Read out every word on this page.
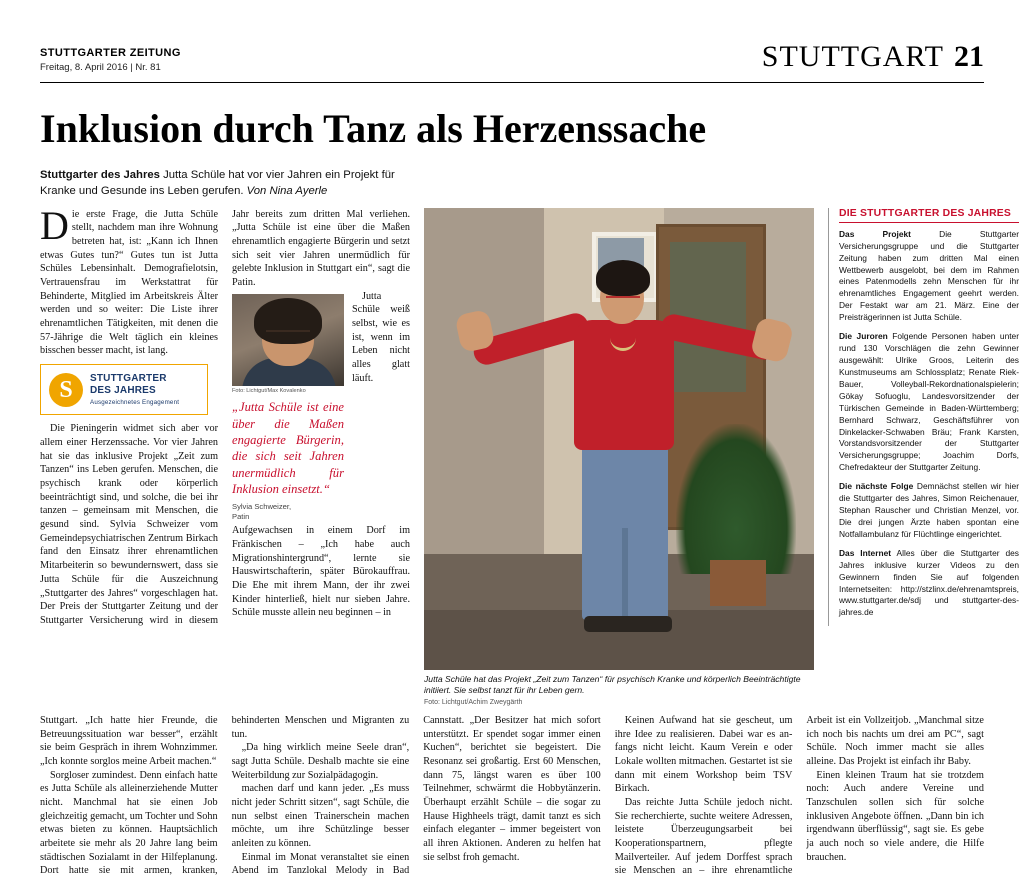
STUTTGARTER ZEITUNG
Freitag, 8. April 2016 | Nr. 81	STUTTGART 21
Inklusion durch Tanz als Herzenssache
Stuttgarter des Jahres Jutta Schüle hat vor vier Jahren ein Projekt für Kranke und Gesunde ins Leben gerufen. Von Nina Ayerle

Die erste Frage, die Jutta Schüle stellt, nachdem man ihre Wohnung betreten hat, ist: „Kann ich Ihnen etwas Gutes tun?“ Gutes tun ist Jutta Schüles Lebensinhalt. Demografielotsin, Vertrauensfrau im Werkstattrat für Behinderte, Mitglied im Arbeitskreis Älter werden und so weiter: Die Liste ihrer ehrenamtlichen Tätigkeiten, mit denen die 57-Jährige die Welt täglich ein kleines bisschen besser macht, ist lang.

S	STUTTGARTER
DES JAHRES
Ausgezeichnetes Engagement

Die Pieningerin widmet sich aber vor allem einer Herzenssache. Vor vier Jahren hat sie das inklusive Projekt „Zeit zum Tanzen“ ins Leben gerufen. Menschen, die psychisch krank oder körperlich beeinträchtigt sind, und solche, die bei ihr tanzen – gemeinsam mit Menschen, die gesund sind. Sylvia Schweizer vom Gemeindepsychiatrischen Zentrum Birkach fand den Einsatz ihrer ehrenamtlichen Mitarbeiterin so bewundernswert, dass sie Jutta Schüle für die Auszeichnung „Stuttgarter des Jahres“ vorgeschlagen hat. Der Preis der Stuttgarter Zeitung und der Stuttgarter Versicherung wird in diesem Jahr bereits zum dritten Mal verliehen. „Jutta Schüle ist eine über die Maßen ehrenamtlich engagierte Bürgerin und setzt sich seit vier Jahren unermüdlich für gelebte Inklusion in Stuttgart ein“, sagt die Patin.

Foto: Lichtgut/Max Kovalenko
„Jutta Schüle ist eine über die Maßen engagierte Bürgerin, die sich seit Jahren unermüdlich für Inklusion einsetzt.“
Sylvia Schweizer,
Patin

Jutta Schüle weiß selbst, wie es ist, wenn im Leben nicht alles glatt läuft. Aufgewachsen in einem Dorf im Fränkischen – „Ich habe auch Migrationshintergrund“, lernte sie Hauswirtschafterin, später Bürokauffrau. Die Ehe mit ihrem Mann, der ihr zwei Kinder hinterließ, hielt nur sieben Jahre. Schüle musste allein neu beginnen – in

Jutta Schüle hat das Projekt „Zeit zum Tanzen“ für psychisch Kranke und körperlich Beeinträchtigte initiiert. Sie selbst tanzt für ihr Leben gern.
Foto: Lichtgut/Achim Zweygärth
DIE STUTTGARTER DES JAHRES

Das Projekt	Die Stuttgarter Versicherungsgruppe und die Stuttgarter Zeitung haben zum dritten Mal einen Wettbewerb ausgelobt, bei dem im Rahmen eines Patenmodells zehn Menschen für ihr ehrenamtliches Engagement geehrt werden. Der Festakt war am 21. März. Eine der Preisträgerinnen ist Jutta Schüle.

Die Juroren Folgende Personen haben unter rund 130 Vorschlägen die zehn Gewinner ausgewählt: Ulrike Groos, Leiterin des Kunstmuseums am Schlossplatz; Renate Riek-Bauer, Volleyball-Rekordnationalspielerin; Gökay Sofuoglu, Landesvorsitzender der Türkischen Gemeinde in Baden-Württemberg; Bernhard Schwarz, Geschäftsführer von Dinkelacker-Schwaben Bräu; Frank Karsten, Vorstandsvorsitzender der Stuttgarter Versicherungsgruppe; Joachim Dorfs, Chefredakteur der Stuttgarter Zeitung.

Die nächste Folge Demnächst stellen wir hier die Stuttgarter des Jahres, Simon Reichenauer, Stephan Rauscher und Christian Menzel, vor. Die drei jungen Ärzte haben spontan eine Notfallambulanz für Flüchtlinge eingerichtet.

Das Internet Alles über die Stuttgarter des Jahres inklusive kurzer Videos zu den Gewinnern finden Sie auf folgenden Internetseiten: http://stzlinx.de/ehrenamtspreis, www.stuttgarter.de/sdj und stuttgarter-des-jahres.de

Stuttgart. „Ich hatte hier Freunde, die Betreuungssituation war besser“, erzählt sie beim Gespräch in ihrem Wohnzimmer. „Ich konnte sorglos meine Arbeit machen.“

Sorgloser zumindest. Denn einfach hatte es Jutta Schüle als alleinerziehende Mutter nicht. Manchmal hat sie einen Job gleichzeitig gemacht, um Tochter und Sohn etwas bieten zu können. Hauptsächlich arbeitete sie mehr als 20 Jahre lang beim städtischen Sozialamt in der Hilfeplanung. Dort hatte sie mit armen, kranken, behinderten Menschen und Migranten zu tun.

„Da hing wirklich meine Seele dran“, sagt Jutta Schüle. Deshalb machte sie eine Weiterbildung zur Sozialpädagogin.

machen darf und kann jeder. „Es muss nicht jeder Schritt sitzen“, sagt Schüle, die nun selbst einen Trainerschein machen möchte, um ihre Schützlinge besser anleiten zu können.

Einmal im Monat veranstaltet sie einen Abend im Tanzlokal Melody in Bad Cannstatt. „Der Besitzer hat mich sofort unterstützt. Er spendet sogar immer einen Kuchen“, berichtet sie begeistert. Die Resonanz sei großartig. Erst 60 Menschen, dann 75, längst waren es über 100 Teilnehmer, schwärmt die Hobbytänzerin. Überhaupt erzählt Schüle – die sogar zu Hause Highheels trägt, damit tanzt es sich einfach eleganter – immer begeistert von all ihren Aktionen. Anderen zu helfen hat sie selbst froh gemacht.

Keinen Aufwand hat sie gescheut, um ihre Idee zu realisieren. Dabei war es an- fangs nicht leicht. Kaum Verein e oder Lokale wollten mitmachen. Gestartet ist sie dann mit einem Workshop beim TSV Birkach.

Das reichte Jutta Schüle jedoch nicht. Sie recherchierte, suchte weitere Adressen, leistete Überzeugungsarbeit bei Kooperationspartnern, pflegte Mailverteiler. Auf jedem Dorffest sprach sie Menschen an – ihre ehrenamtliche Arbeit ist ein Vollzeitjob. „Manchmal sitze ich noch bis nachts um drei am PC“, sagt Schüle. Noch immer macht sie alles alleine. Das Projekt ist einfach ihr Baby.

Einen kleinen Traum hat sie trotzdem noch: Auch andere Vereine und Tanzschulen sollen sich für solche inklusiven Angebote öffnen. „Dann bin ich irgendwann überflüssig“, sagt sie. Es gebe ja auch noch so viele andere, die Hilfe brauchen.
